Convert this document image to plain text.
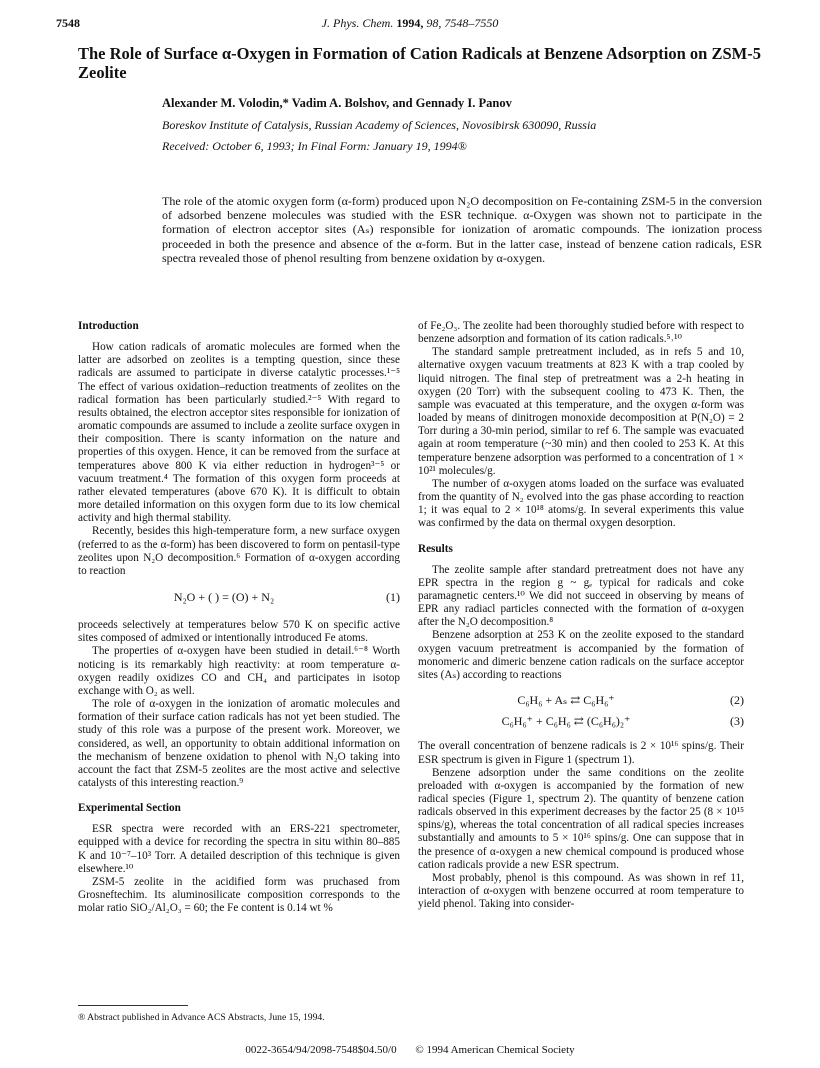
7548	J. Phys. Chem. 1994, 98, 7548–7550
The Role of Surface α-Oxygen in Formation of Cation Radicals at Benzene Adsorption on ZSM-5 Zeolite
Alexander M. Volodin,* Vadim A. Bolshov, and Gennady I. Panov
Boreskov Institute of Catalysis, Russian Academy of Sciences, Novosibirsk 630090, Russia
Received: October 6, 1993; In Final Form: January 19, 1994®
The role of the atomic oxygen form (α-form) produced upon N₂O decomposition on Fe-containing ZSM-5 in the conversion of adsorbed benzene molecules was studied with the ESR technique. α-Oxygen was shown not to participate in the formation of electron acceptor sites (Aₛ) responsible for ionization of aromatic compounds. The ionization process proceeded in both the presence and absence of the α-form. But in the latter case, instead of benzene cation radicals, ESR spectra revealed those of phenol resulting from benzene oxidation by α-oxygen.
Introduction

How cation radicals of aromatic molecules are formed when the latter are adsorbed on zeolites is a tempting question, since these radicals are assumed to participate in diverse catalytic processes.¹⁻⁵ The effect of various oxidation–reduction treatments of zeolites on the radical formation has been particularly studied.²⁻⁵ With regard to results obtained, the electron acceptor sites responsible for ionization of aromatic compounds are assumed to include a zeolite surface oxygen in their composition. There is scanty information on the nature and properties of this oxygen. Hence, it can be removed from the surface at temperatures above 800 K via either reduction in hydrogen³⁻⁵ or vacuum treatment.⁴ The formation of this oxygen form proceeds at rather elevated temperatures (above 670 K). It is difficult to obtain more detailed information on this oxygen form due to its low chemical activity and high thermal stability.

Recently, besides this high-temperature form, a new surface oxygen (referred to as the α-form) has been discovered to form on pentasil-type zeolites upon N₂O decomposition.⁶ Formation of α-oxygen according to reaction

N₂O + ( ) = (O) + N₂	(1)

proceeds selectively at temperatures below 570 K on specific active sites composed of admixed or intentionally introduced Fe atoms.

The properties of α-oxygen have been studied in detail.⁶⁻⁸ Worth noticing is its remarkably high reactivity: at room temperature α-oxygen readily oxidizes CO and CH₄ and participates in isotop exchange with O₂ as well.

The role of α-oxygen in the ionization of aromatic molecules and formation of their surface cation radicals has not yet been studied. The study of this role was a purpose of the present work. Moreover, we considered, as well, an opportunity to obtain additional information on the mechanism of benzene oxidation to phenol with N₂O taking into account the fact that ZSM-5 zeolites are the most active and selective catalysts of this interesting reaction.⁹

Experimental Section

ESR spectra were recorded with an ERS-221 spectrometer, equipped with a device for recording the spectra in situ within 80–885 K and 10⁻⁷–10³ Torr. A detailed description of this technique is given elsewhere.¹⁰

ZSM-5 zeolite in the acidified form was pruchased from Grosneftechim. Its aluminosilicate composition corresponds to the molar ratio SiO₂/Al₂O₃ = 60; the Fe content is 0.14 wt %

of Fe₂O₃. The zeolite had been thoroughly studied before with respect to benzene adsorption and formation of its cation radicals.⁵˒¹⁰

The standard sample pretreatment included, as in refs 5 and 10, alternative oxygen vacuum treatments at 823 K with a trap cooled by liquid nitrogen. The final step of pretreatment was a 2-h heating in oxygen (20 Torr) with the subsequent cooling to 473 K. Then, the sample was evacuated at this temperature, and the oxygen α-form was loaded by means of dinitrogen monoxide decomposition at P(N₂O) = 2 Torr during a 30-min period, similar to ref 6. The sample was evacuated again at room temperature (~30 min) and then cooled to 253 K. At this temperature benzene adsorption was performed to a concentration of 1 × 10²¹ molecules/g.

The number of α-oxygen atoms loaded on the surface was evaluated from the quantity of N₂ evolved into the gas phase according to reaction 1; it was equal to 2 × 10¹⁸ atoms/g. In several experiments this value was confirmed by the data on thermal oxygen desorption.

Results

The zeolite sample after standard pretreatment does not have any EPR spectra in the region g ~ gₑ typical for radicals and coke paramagnetic centers.¹⁰ We did not succeed in observing by means of EPR any radiacl particles connected with the formation of α-oxygen after the N₂O decomposition.⁸

Benzene adsorption at 253 K on the zeolite exposed to the standard oxygen vacuum pretreatment is accompanied by the formation of monomeric and dimeric benzene cation radicals on the surface acceptor sites (Aₛ) according to reactions

C₆H₆ + Aₛ ⇄ C₆H₆⁺	(2)
C₆H₆⁺ + C₆H₆ ⇄ (C₆H₆)₂⁺	(3)

The overall concentration of benzene radicals is 2 × 10¹⁶ spins/g. Their ESR spectrum is given in Figure 1 (spectrum 1).

Benzene adsorption under the same conditions on the zeolite preloaded with α-oxygen is accompanied by the formation of new radical species (Figure 1, spectrum 2). The quantity of benzene cation radicals observed in this experiment decreases by the factor 25 (8 × 10¹⁵ spins/g), whereas the total concentration of all radical species increases substantially and amounts to 5 × 10¹⁶ spins/g. One can suppose that in the presence of α-oxygen a new chemical compound is produced whose cation radicals provide a new ESR spectrum.

Most probably, phenol is this compound. As was shown in ref 11, interaction of α-oxygen with benzene occurred at room temperature to yield phenol. Taking into consider-

® Abstract published in Advance ACS Abstracts, June 15, 1994.
0022-3654/94/2098-7548$04.50/0 © 1994 American Chemical Society
